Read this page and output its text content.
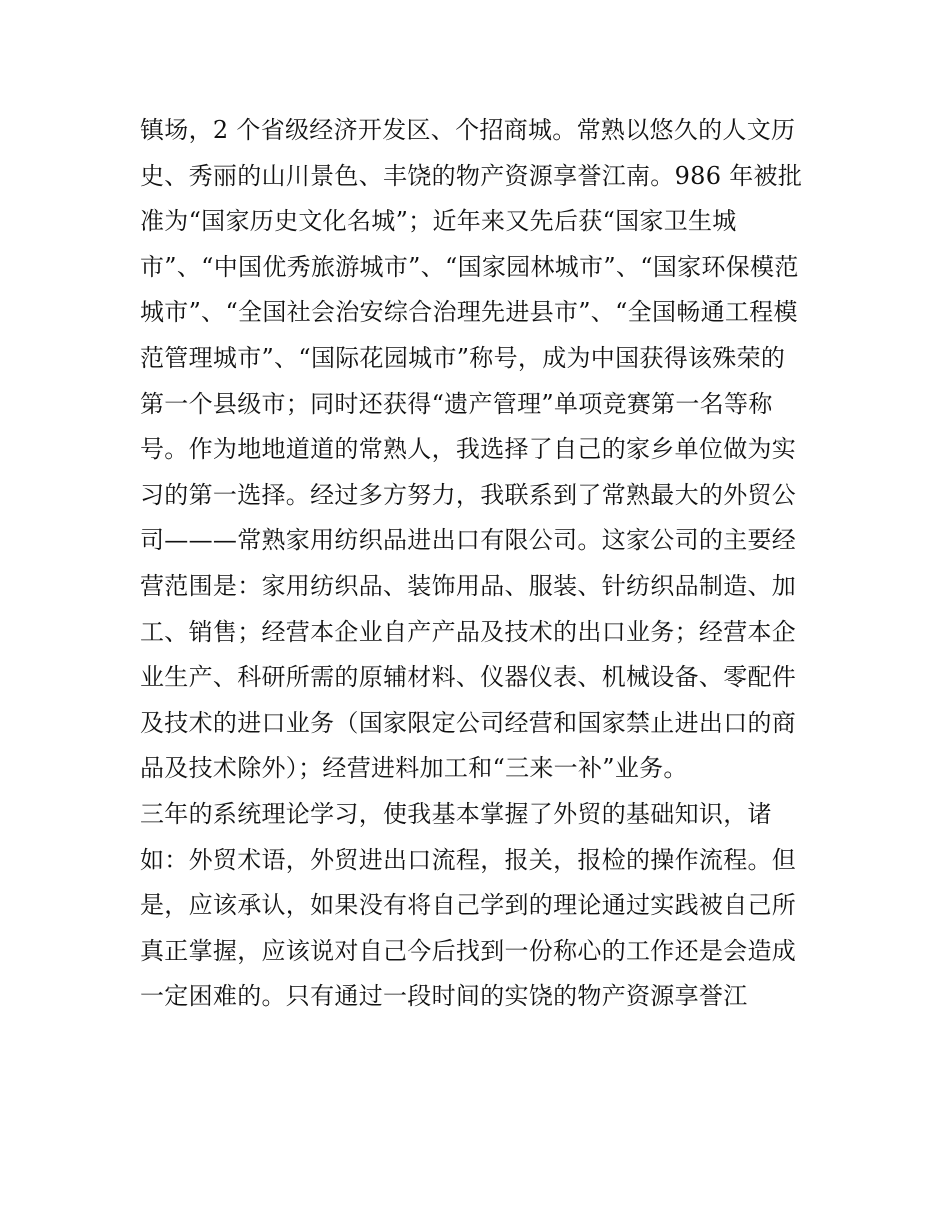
镇场，2 个省级经济开发区、个招商城。常熟以悠久的人文历
史、秀丽的山川景色、丰饶的物产资源享誉江南。986 年被批
准为“国家历史文化名城”；近年来又先后获“国家卫生城
市”、“中国优秀旅游城市”、“国家园林城市”、“国家环保模范
城市”、“全国社会治安综合治理先进县市”、“全国畅通工程模
范管理城市”、“国际花园城市”称号，成为中国获得该殊荣的
第一个县级市；同时还获得“遗产管理”单项竞赛第一名等称
号。作为地地道道的常熟人，我选择了自己的家乡单位做为实
习的第一选择。经过多方努力，我联系到了常熟最大的外贸公
司———常熟家用纺织品进出口有限公司。这家公司的主要经
营范围是：家用纺织品、装饰用品、服装、针纺织品制造、加
工、销售；经营本企业自产产品及技术的出口业务；经营本企
业生产、科研所需的原辅材料、仪器仪表、机械设备、零配件
及技术的进口业务（国家限定公司经营和国家禁止进出口的商
品及技术除外）；经营进料加工和“三来一补”业务。
三年的系统理论学习，使我基本掌握了外贸的基础知识，诸
如：外贸术语，外贸进出口流程，报关，报检的操作流程。但
是，应该承认，如果没有将自己学到的理论通过实践被自己所
真正掌握，应该说对自己今后找到一份称心的工作还是会造成
一定困难的。只有通过一段时间的实饶的物产资源享誉江
